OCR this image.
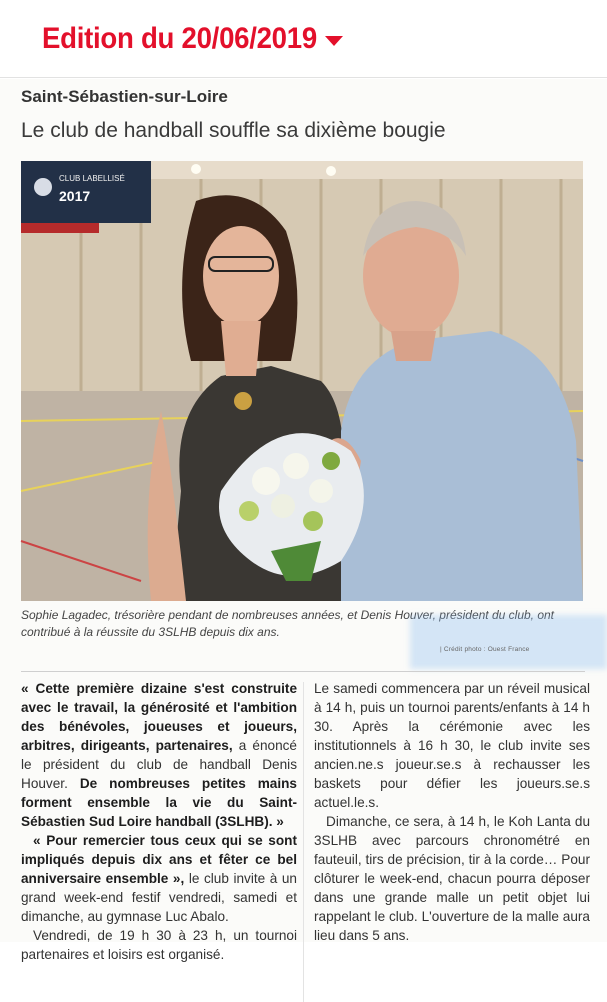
Edition du 20/06/2019
Saint-Sébastien-sur-Loire
Le club de handball souffle sa dixième bougie
CLUB LABELLISÉ
2017
Sophie Lagadec, trésorière pendant de nombreuses années, et Denis Houver, président du club, ont contribué à la réussite du 3SLHB depuis dix ans.
| Crédit photo : Ouest France

« Cette première dizaine s'est construite avec le travail, la générosité et l'ambition des bénévoles, joueuses et joueurs, arbitres, dirigeants, partenaires, a énoncé le président du club de handball Denis Houver. De nombreuses petites mains forment ensemble la vie du Saint-Sébastien Sud Loire handball (3SLHB). »

« Pour remercier tous ceux qui se sont impliqués depuis dix ans et fêter ce bel anniversaire ensemble », le club invite à un grand week-end festif vendredi, samedi et dimanche, au gymnase Luc Abalo.

Vendredi, de 19 h 30 à 23 h, un tournoi partenaires et loisirs est organisé.

Le samedi commencera par un réveil musical à 14 h, puis un tournoi parents/enfants à 14 h 30. Après la cérémonie avec les institutionnels à 16 h 30, le club invite ses ancien.ne.s joueur.se.s à rechausser les baskets pour défier les joueurs.se.s actuel.le.s.

Dimanche, ce sera, à 14 h, le Koh Lanta du 3SLHB avec parcours chronométré en fauteuil, tirs de précision, tir à la corde… Pour clôturer le week-end, chacun pourra déposer dans une grande malle un petit objet lui rappelant le club. L'ouverture de la malle aura lieu dans 5 ans.
